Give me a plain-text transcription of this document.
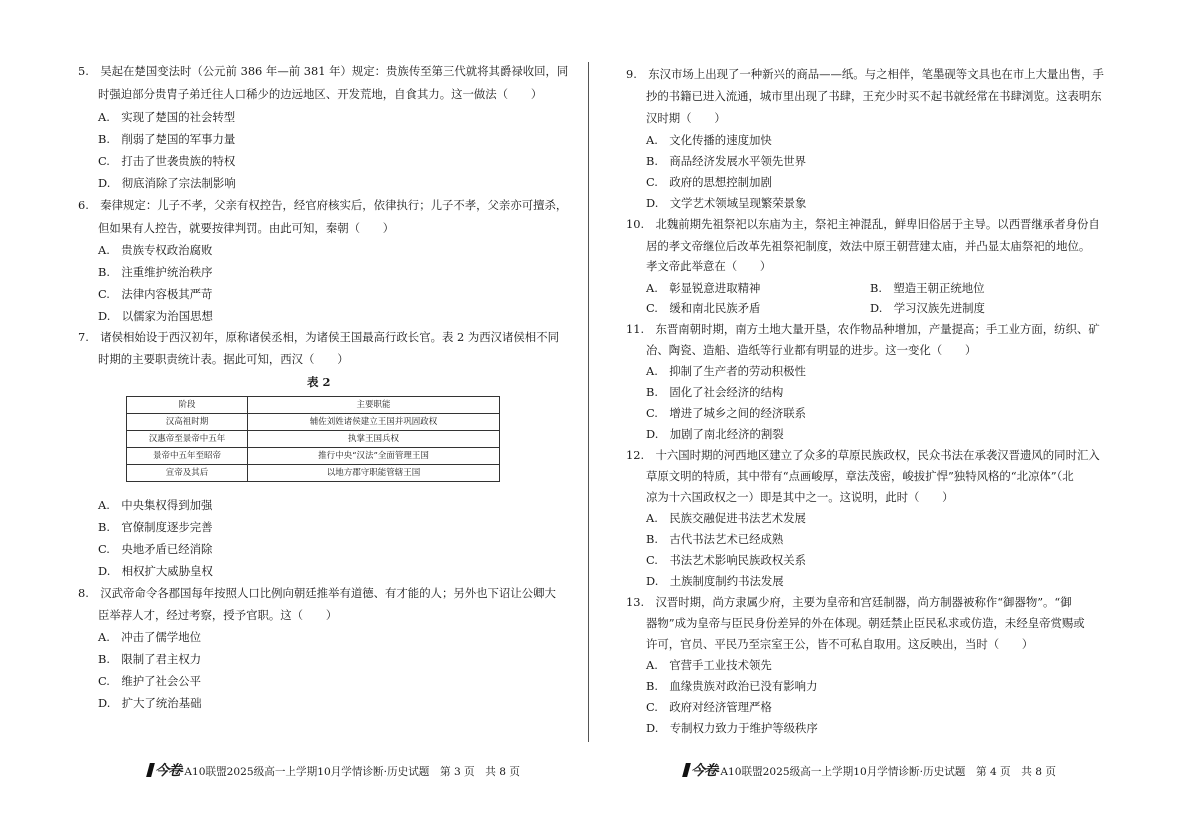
5.　吴起在楚国变法时（公元前 386 年—前 381 年）规定：贵族传至第三代就将其爵禄收回，同
时强迫部分贵胄子弟迁往人口稀少的边远地区、开发荒地，自食其力。这一做法（　　）
A.　实现了楚国的社会转型
B.　削弱了楚国的军事力量
C.　打击了世袭贵族的特权
D.　彻底消除了宗法制影响
6.　秦律规定：儿子不孝，父亲有权控告，经官府核实后，依律执行；儿子不孝，父亲亦可擅杀，
但如果有人控告，就要按律判罚。由此可知，秦朝（　　）
A.　贵族专权政治腐败
B.　注重维护统治秩序
C.　法律内容极其严苛
D.　以儒家为治国思想
7.　诸侯相始设于西汉初年，原称诸侯丞相，为诸侯王国最高行政长官。表 2 为西汉诸侯相不同
时期的主要职责统计表。据此可知，西汉（　　）
表 2
阶段	主要职能
汉高祖时期	辅佐刘姓诸侯建立王国并巩固政权
汉惠帝至景帝中五年	执掌王国兵权
景帝中五年至昭帝	推行中央“汉法”全面管理王国
宣帝及其后	以地方郡守职能管辖王国
A.　中央集权得到加强
B.　官僚制度逐步完善
C.　央地矛盾已经消除
D.　相权扩大威胁皇权
8.　汉武帝命令各郡国每年按照人口比例向朝廷推举有道德、有才能的人；另外也下诏让公卿大
臣举荐人才，经过考察，授予官职。这（　　）
A.　冲击了儒学地位
B.　限制了君主权力
C.　维护了社会公平
D.　扩大了统治基础
今卷·A10联盟2025级高一上学期10月学情诊断·历史试题　第 3 页　共 8 页
9.　东汉市场上出现了一种新兴的商品——纸。与之相伴，笔墨砚等文具也在市上大量出售，手
抄的书籍已进入流通，城市里出现了书肆，王充少时买不起书就经常在书肆浏览。这表明东
汉时期（　　）
A.　文化传播的速度加快
B.　商品经济发展水平领先世界
C.　政府的思想控制加剧
D.　文学艺术领域呈现繁荣景象
10.　北魏前期先祖祭祀以东庙为主，祭祀主神混乱，鲜卑旧俗居于主导。以西晋继承者身份自
居的孝文帝继位后改革先祖祭祀制度，效法中原王朝营建太庙，并凸显太庙祭祀的地位。
孝文帝此举意在（　　）
A.　彰显锐意进取精神	B.　塑造王朝正统地位
C.　缓和南北民族矛盾	D.　学习汉族先进制度
11.　东晋南朝时期，南方土地大量开垦，农作物品种增加，产量提高；手工业方面，纺织、矿
冶、陶瓷、造船、造纸等行业都有明显的进步。这一变化（　　）
A.　抑制了生产者的劳动积极性
B.　固化了社会经济的结构
C.　增进了城乡之间的经济联系
D.　加剧了南北经济的割裂
12.　十六国时期的河西地区建立了众多的草原民族政权，民众书法在承袭汉晋遗风的同时汇入
草原文明的特质，其中带有“点画峻厚，章法茂密，峻拔扩悍”独特风格的“北凉体”（北
凉为十六国政权之一）即是其中之一。这说明，此时（　　）
A.　民族交融促进书法艺术发展
B.　古代书法艺术已经成熟
C.　书法艺术影响民族政权关系
D.　土族制度制约书法发展
13.　汉晋时期，尚方隶属少府，主要为皇帝和宫廷制器，尚方制器被称作“御器物”。“御
器物”成为皇帝与臣民身份差异的外在体现。朝廷禁止臣民私求或仿造，未经皇帝赏赐或
许可，官员、平民乃至宗室王公，皆不可私自取用。这反映出，当时（　　）
A.　官营手工业技术领先
B.　血缘贵族对政治已没有影响力
C.　政府对经济管理严格
D.　专制权力致力于维护等级秩序
今卷·A10联盟2025级高一上学期10月学情诊断·历史试题　第 4 页　共 8 页
